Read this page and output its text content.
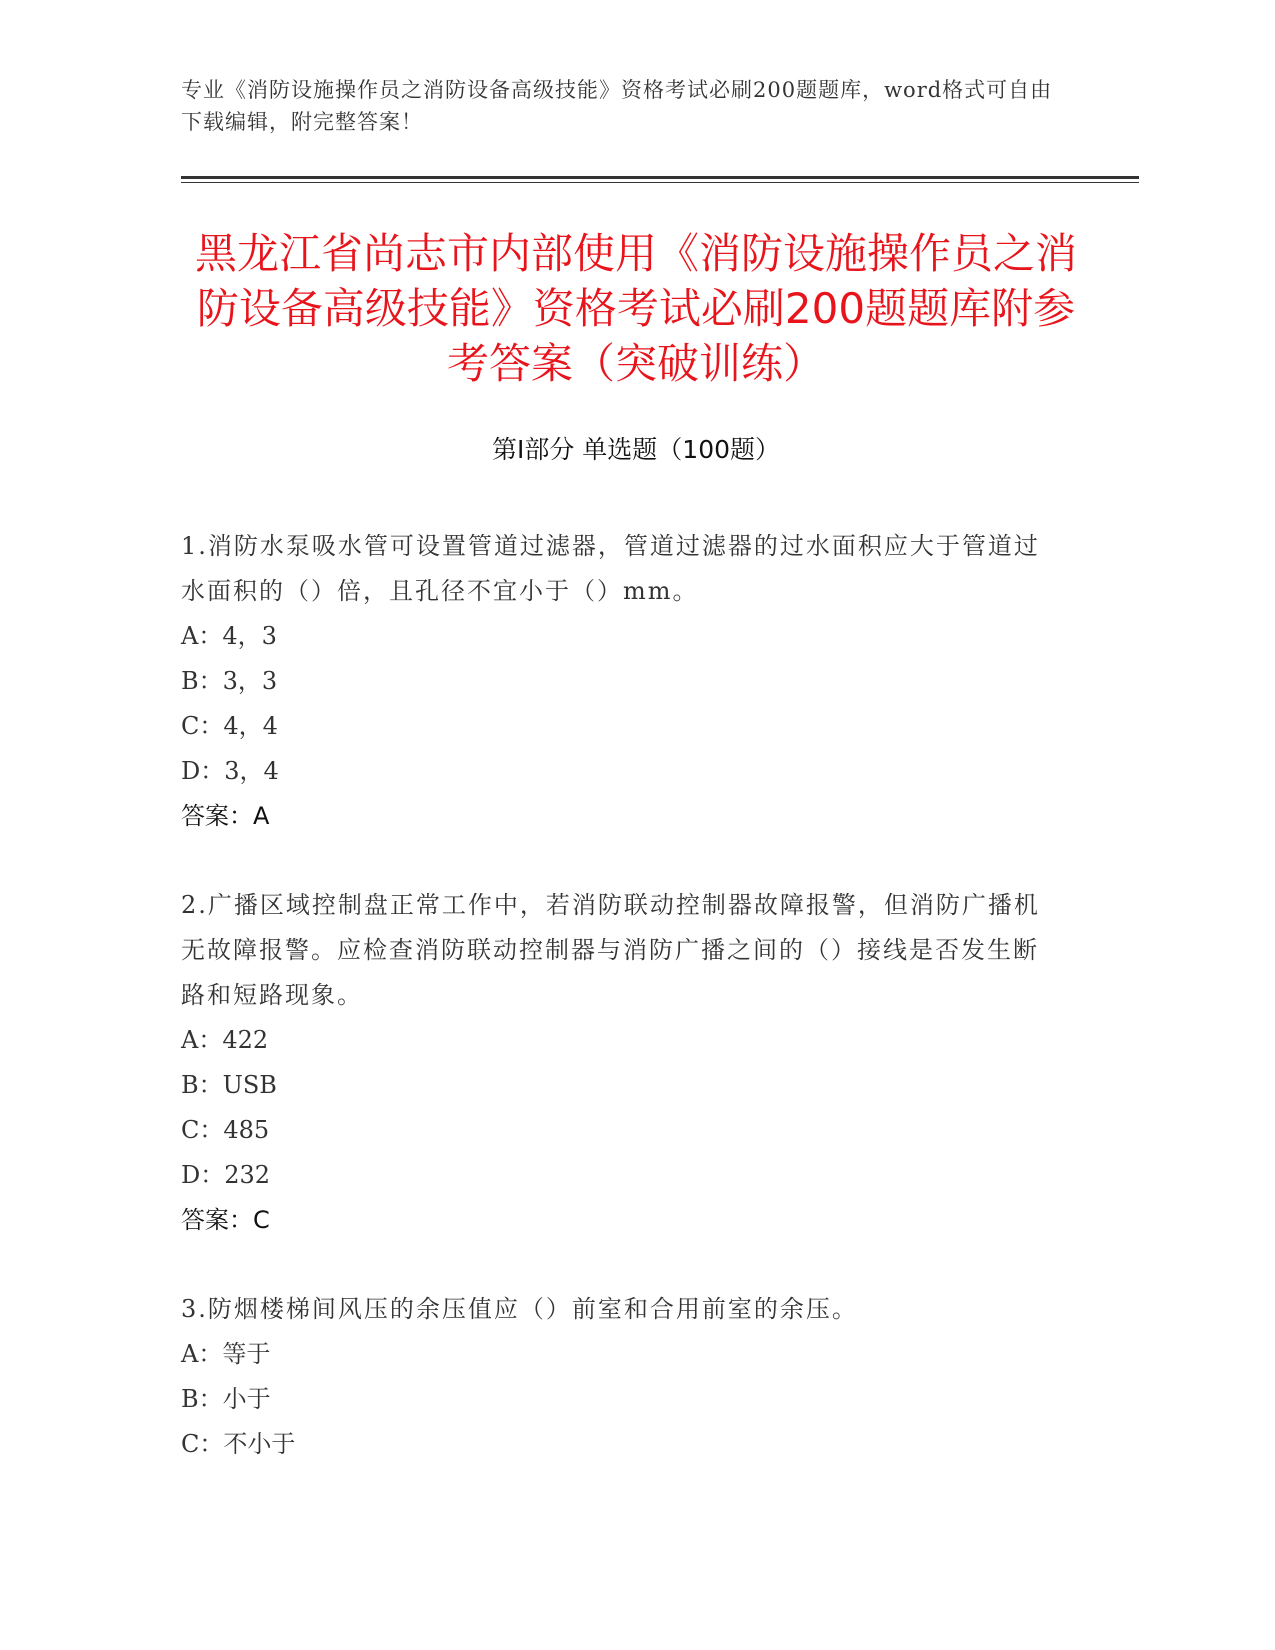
专业《消防设施操作员之消防设备高级技能》资格考试必刷200题题库，word格式可自由下载编辑，附完整答案！
黑龙江省尚志市内部使用《消防设施操作员之消防设备高级技能》资格考试必刷200题题库附参考答案（突破训练）
第Ⅰ部分 单选题（100题）
1.消防水泵吸水管可设置管道过滤器，管道过滤器的过水面积应大于管道过水面积的（）倍，且孔径不宜小于（）mm。
A：4，3
B：3，3
C：4，4
D：3，4
答案：A
2.广播区域控制盘正常工作中，若消防联动控制器故障报警，但消防广播机无故障报警。应检查消防联动控制器与消防广播之间的（）接线是否发生断路和短路现象。
A：422
B：USB
C：485
D：232
答案：C
3.防烟楼梯间风压的余压值应（）前室和合用前室的余压。
A：等于
B：小于
C：不小于
